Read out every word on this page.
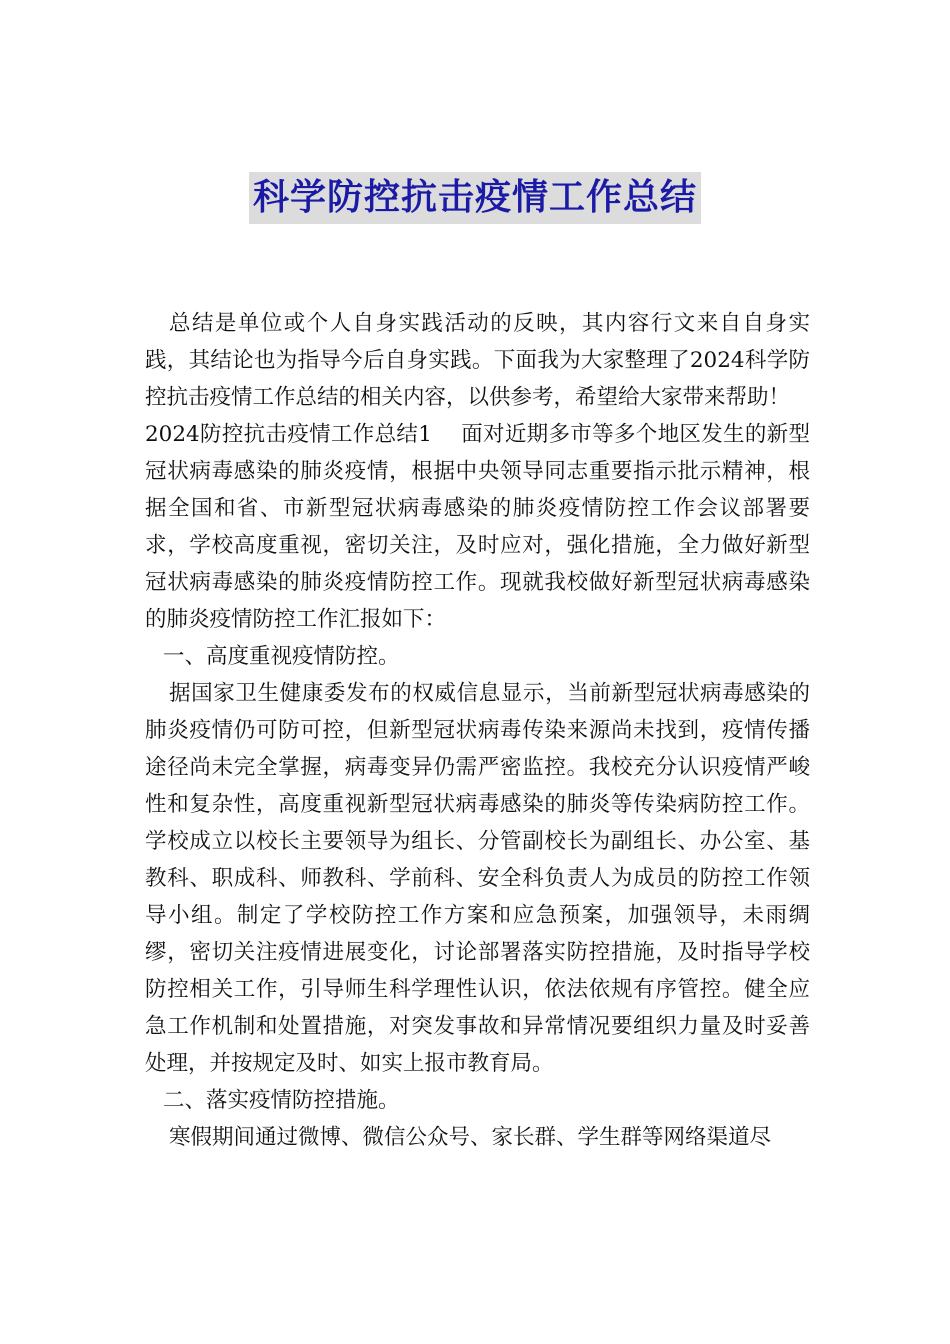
科学防控抗击疫情工作总结

总结是单位或个人自身实践活动的反映，其内容行文来自自身实践，其结论也为指导今后自身实践。下面我为大家整理了2024科学防控抗击疫情工作总结的相关内容，以供参考，希望给大家带来帮助！

2024防控抗击疫情工作总结1　 面对近期多市等多个地区发生的新型冠状病毒感染的肺炎疫情，根据中央领导同志重要指示批示精神，根据全国和省、市新型冠状病毒感染的肺炎疫情防控工作会议部署要求，学校高度重视，密切关注，及时应对，强化措施，全力做好新型冠状病毒感染的肺炎疫情防控工作。现就我校做好新型冠状病毒感染的肺炎疫情防控工作汇报如下：

一、高度重视疫情防控。

据国家卫生健康委发布的权威信息显示，当前新型冠状病毒感染的肺炎疫情仍可防可控，但新型冠状病毒传染来源尚未找到，疫情传播途径尚未完全掌握，病毒变异仍需严密监控。我校充分认识疫情严峻性和复杂性，高度重视新型冠状病毒感染的肺炎等传染病防控工作。学校成立以校长主要领导为组长、分管副校长为副组长、办公室、基教科、职成科、师教科、学前科、安全科负责人为成员的防控工作领导小组。制定了学校防控工作方案和应急预案，加强领导，未雨绸缪，密切关注疫情进展变化，讨论部署落实防控措施，及时指导学校防控相关工作，引导师生科学理性认识，依法依规有序管控。健全应急工作机制和处置措施，对突发事故和异常情况要组织力量及时妥善处理，并按规定及时、如实上报市教育局。

二、落实疫情防控措施。

寒假期间通过微博、微信公众号、家长群、学生群等网络渠道尽
